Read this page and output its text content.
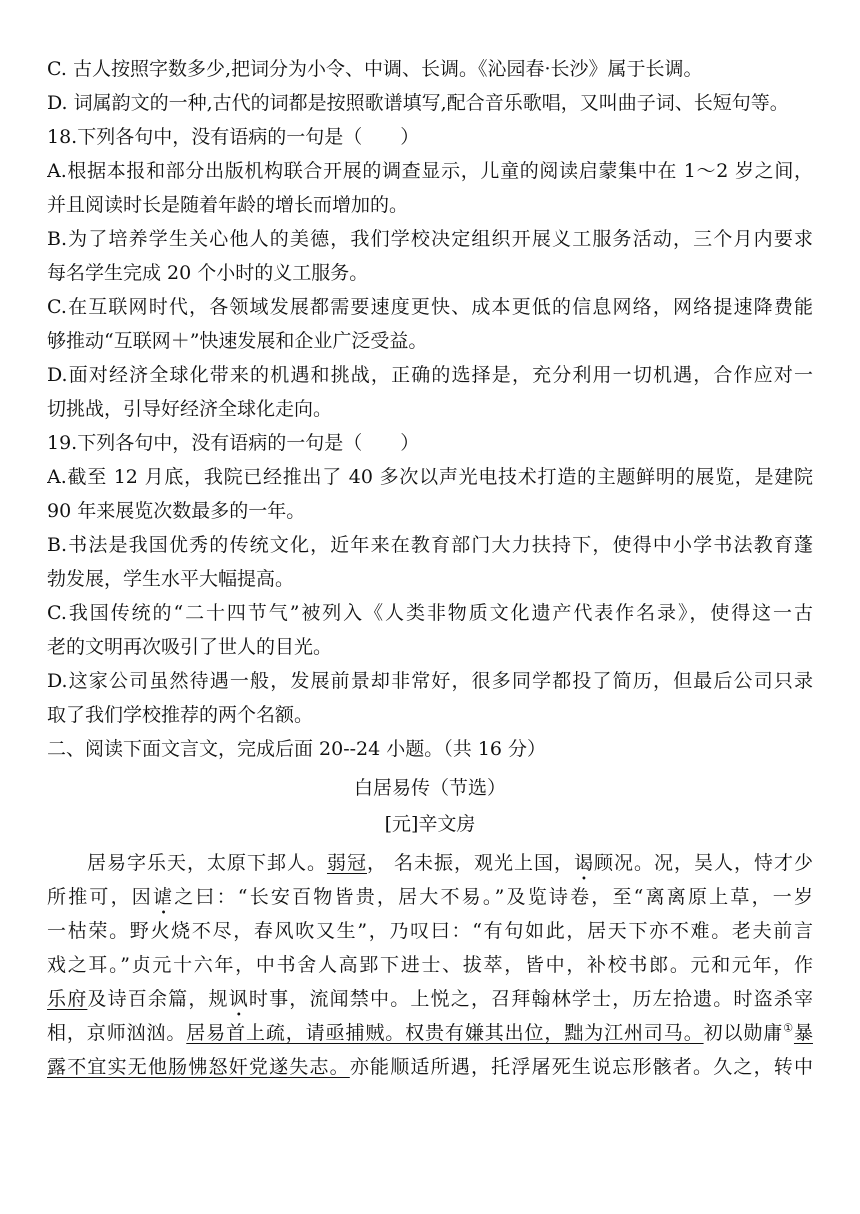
C. 古人按照字数多少,把词分为小令、中调、长调。《沁园春·长沙》属于长调。
D. 词属韵文的一种,古代的词都是按照歌谱填写,配合音乐歌唱，又叫曲子词、长短句等。
18.下列各句中，没有语病的一句是（　　）
A.根据本报和部分出版机构联合开展的调查显示，儿童的阅读启蒙集中在 1～2 岁之间，
并且阅读时长是随着年龄的增长而增加的。
B.为了培养学生关心他人的美德，我们学校决定组织开展义工服务活动，三个月内要求
每名学生完成 20 个小时的义工服务。
C.在互联网时代，各领域发展都需要速度更快、成本更低的信息网络，网络提速降费能
够推动“互联网＋”快速发展和企业广泛受益。
D.面对经济全球化带来的机遇和挑战，正确的选择是，充分利用一切机遇，合作应对一
切挑战，引导好经济全球化走向。
19.下列各句中，没有语病的一句是（　　）
A.截至 12 月底，我院已经推出了 40 多次以声光电技术打造的主题鲜明的展览，是建院
90 年来展览次数最多的一年。
B.书法是我国优秀的传统文化，近年来在教育部门大力扶持下，使得中小学书法教育蓬
勃发展，学生水平大幅提高。
C.我国传统的“二十四节气”被列入《人类非物质文化遗产代表作名录》，使得这一古
老的文明再次吸引了世人的目光。
D.这家公司虽然待遇一般，发展前景却非常好，很多同学都投了简历，但最后公司只录
取了我们学校推荐的两个名额。
二、阅读下面文言文，完成后面 20--24 小题。（共 16 分）
白居易传（节选）
[元]辛文房
居易字乐天，太原下邽人。弱冠， 名未振，观光上国，谒顾况。况，吴人，恃才少
所推可，因谑之曰：“长安百物皆贵，居大不易。”及览诗卷，至“离离原上草，一岁
一枯荣。野火烧不尽，春风吹又生”，乃叹曰：“有句如此，居天下亦不难。老夫前言
戏之耳。”贞元十六年，中书舍人高郢下进士、拔萃，皆中，补校书郎。元和元年，作
乐府及诗百余篇，规讽时事，流闻禁中。上悦之，召拜翰林学士，历左拾遗。时盗杀宰
相，京师汹汹。居易首上疏，请亟捕贼。权贵有嫌其出位，黜为江州司马。初以勋庸①暴
露不宜实无他肠怫怒奸党遂失志。亦能顺适所遇，托浮屠死生说忘形骸者。久之，转中
